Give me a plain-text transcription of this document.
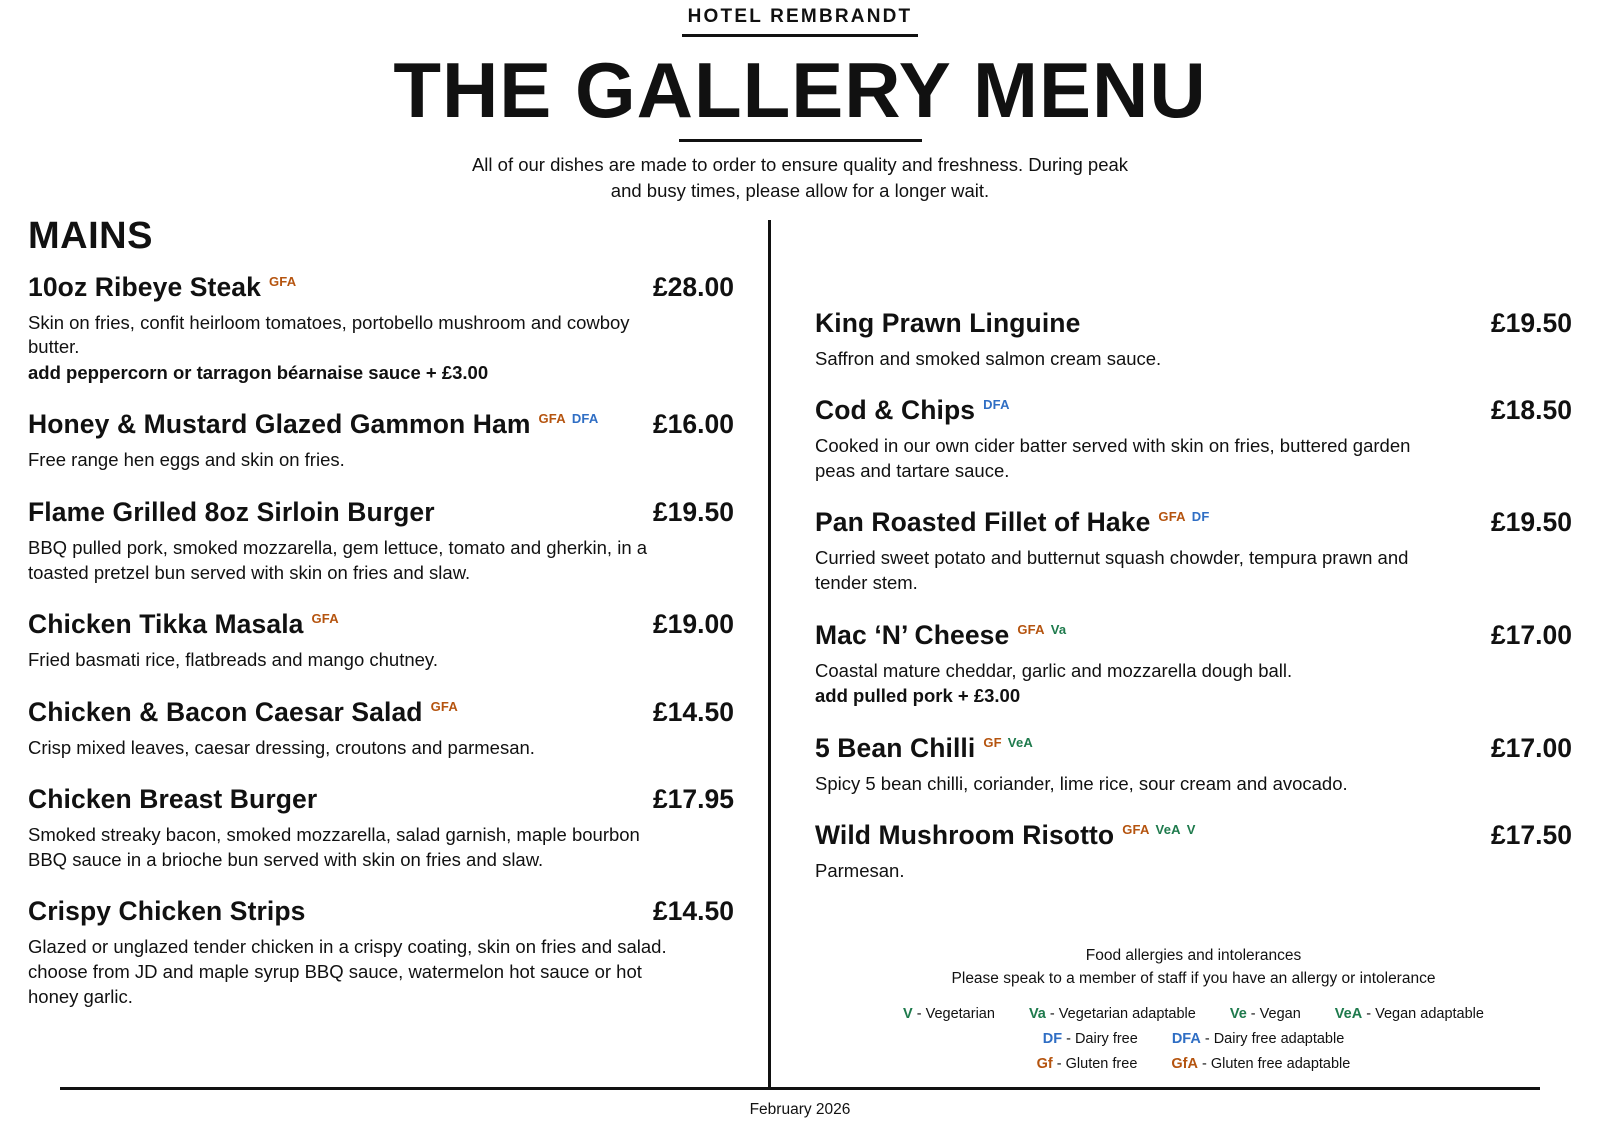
HOTEL REMBRANDT
THE GALLERY MENU

All of our dishes are made to order to ensure quality and freshness. During peak and busy times, please allow for a longer wait.

MAINS
10oz Ribeye Steak GFA	£28.00
Skin on fries, confit heirloom tomatoes, portobello mushroom and cowboy butter.
add peppercorn or tarragon béarnaise sauce + £3.00
Honey & Mustard Glazed Gammon Ham GFA DFA £16.00
Free range hen eggs and skin on fries.
Flame Grilled 8oz Sirloin Burger	£19.50
BBQ pulled pork, smoked mozzarella, gem lettuce, tomato and gherkin, in a toasted pretzel bun served with skin on fries and slaw.
Chicken Tikka Masala GFA	£19.00
Fried basmati rice, flatbreads and mango chutney.
Chicken & Bacon Caesar Salad GFA	£14.50
Crisp mixed leaves, caesar dressing, croutons and parmesan.
Chicken Breast Burger	£17.95
Smoked streaky bacon, smoked mozzarella, salad garnish, maple bourbon BBQ sauce in a brioche bun served with skin on fries and slaw.
Crispy Chicken Strips	£14.50
Glazed or unglazed tender chicken in a crispy coating, skin on fries and salad. choose from JD and maple syrup BBQ sauce, watermelon hot sauce or hot honey garlic.
King Prawn Linguine	£19.50
Saffron and smoked salmon cream sauce.
Cod & Chips DFA	£18.50
Cooked in our own cider batter served with skin on fries, buttered garden peas and tartare sauce.
Pan Roasted Fillet of Hake GFA DF	£19.50
Curried sweet potato and butternut squash chowder, tempura prawn and tender stem.
Mac ‘N’ Cheese GFA Va	£17.00
Coastal mature cheddar, garlic and mozzarella dough ball.
add pulled pork + £3.00
5 Bean Chilli GF VeA	£17.00
Spicy 5 bean chilli, coriander, lime rice, sour cream and avocado.
Wild Mushroom Risotto GFA VeA V	£17.50
Parmesan.
Food allergies and intolerances
Please speak to a member of staff if you have an allergy or intolerance
V - Vegetarian Va - Vegetarian adaptable Ve - Vegan VeA - Vegan adaptable
DF - Dairy free DFA - Dairy free adaptable
Gf - Gluten free GfA - Gluten free adaptable
February 2026
